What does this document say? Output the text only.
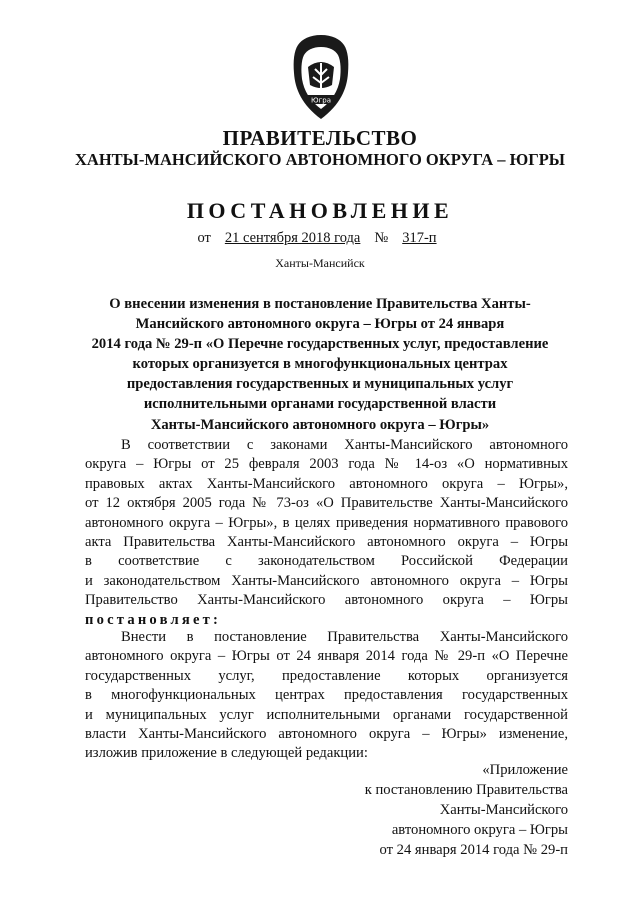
Югра
ПРАВИТЕЛЬСТВО
ХАНТЫ-МАНСИЙСКОГО АВТОНОМНОГО ОКРУГА – ЮГРЫ
ПОСТАНОВЛЕНИЕ
от 21 сентября 2018 года № 317-п
Ханты-Мансийск
О внесении изменения в постановление Правительства Ханты-
Мансийского автономного округа – Югры от 24 января
2014 года № 29-п «О Перечне государственных услуг, предоставление
которых организуется в многофункциональных центрах
предоставления государственных и муниципальных услуг
исполнительными органами государственной власти
Ханты-Мансийского автономного округа – Югры»
В соответствии с законами Ханты-Мансийского автономного
округа – Югры от 25 февраля 2003 года № 14-оз «О нормативных
правовых актах Ханты-Мансийского автономного округа – Югры»,
от 12 октября 2005 года № 73-оз «О Правительстве Ханты-Мансийского
автономного округа – Югры», в целях приведения нормативного правового
акта Правительства Ханты-Мансийского автономного округа – Югры
в соответствие с законодательством Российской Федерации
и законодательством Ханты-Мансийского автономного округа – Югры
Правительство Ханты-Мансийского автономного округа – Югры
постановляет:
Внести в постановление Правительства Ханты-Мансийского
автономного округа – Югры от 24 января 2014 года № 29-п «О Перечне
государственных услуг, предоставление которых организуется
в многофункциональных центрах предоставления государственных
и муниципальных услуг исполнительными органами государственной
власти Ханты-Мансийского автономного округа – Югры» изменение,
изложив приложение в следующей редакции:
«Приложение
к постановлению Правительства
Ханты-Мансийского
автономного округа – Югры
от 24 января 2014 года № 29-п
